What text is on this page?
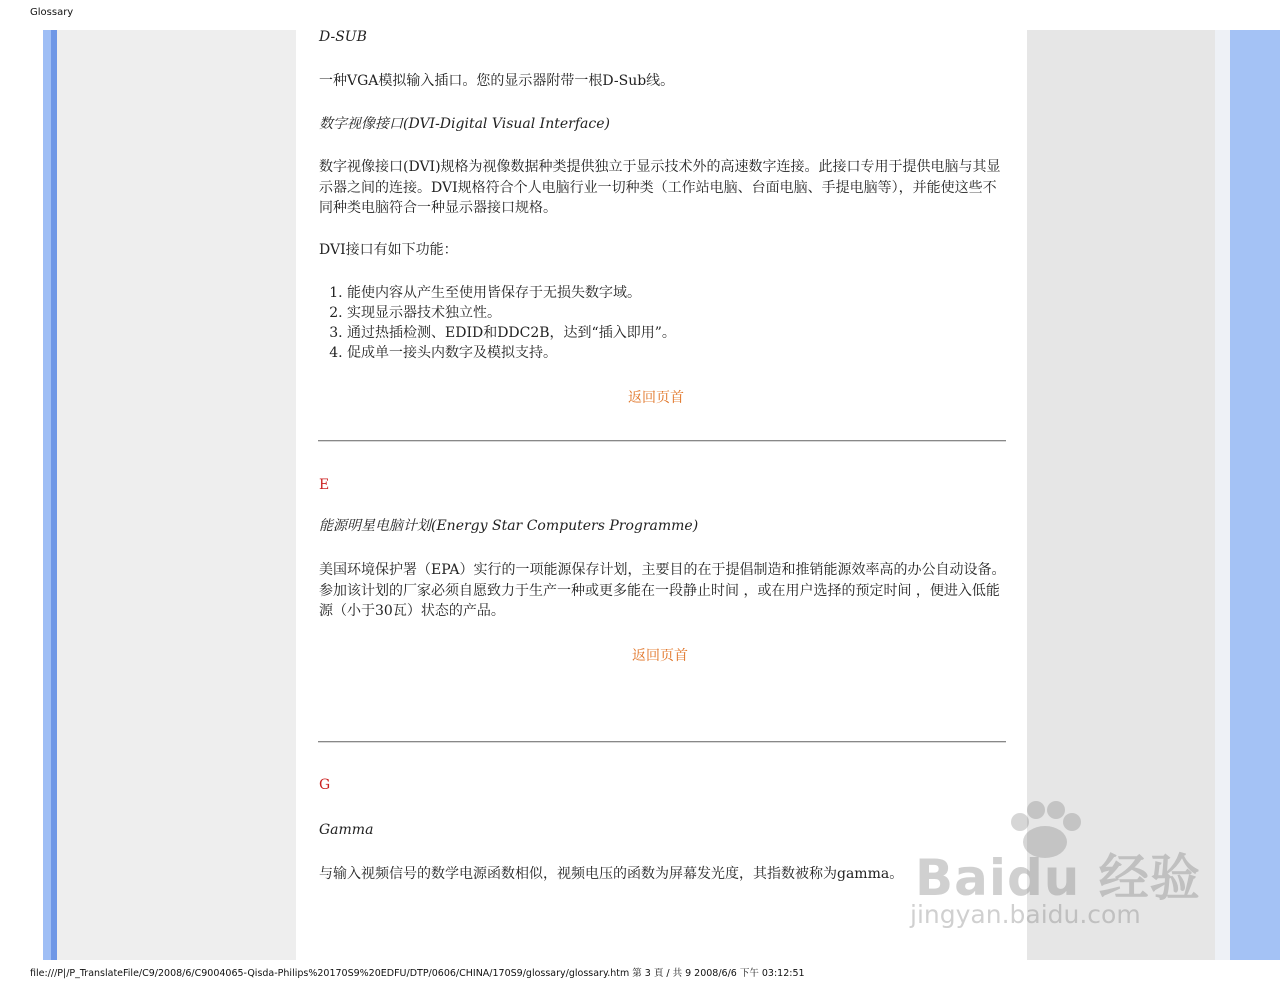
Glossary
D-SUB
一种VGA模拟输入插口。您的显示器附带一根D-Sub线。
数字视像接口(DVI-Digital Visual Interface)
数字视像接口(DVI)规格为视像数据种类提供独立于显示技术外的高速数字连接。此接口专用于提供电脑与其显示器之间的连接。DVI规格符合个人电脑行业一切种类（工作站电脑、台面电脑、手提电脑等），并能使这些不同种类电脑符合一种显示器接口规格。
DVI接口有如下功能：
1. 能使内容从产生至使用皆保存于无损失数字域。
2. 实现显示器技术独立性。
3. 通过热插检测、EDID和DDC2B，达到“插入即用”。
4. 促成单一接头内数字及模拟支持。
返回页首
E
能源明星电脑计划(Energy Star Computers Programme)
美国环境保护署（EPA）实行的一项能源保存计划，主要目的在于提倡制造和推销能源效率高的办公自动设备。参加该计划的厂家必须自愿致力于生产一种或更多能在一段静止时间 ，或在用户选择的预定时间 ，便进入低能源（小于30瓦）状态的产品。
返回页首
G
Gamma
与输入视频信号的数学电源函数相似，视频电压的函数为屏幕发光度，其指数被称为gamma。 Baidu 经验
jingyan.baidu.com
file:///P|/P_TranslateFile/C9/2008/6/C9004065-Qisda-Philips%20170S9%20EDFU/DTP/0606/CHINA/170S9/glossary/glossary.htm 第 3 頁 / 共 9 2008/6/6 下午 03:12:51
